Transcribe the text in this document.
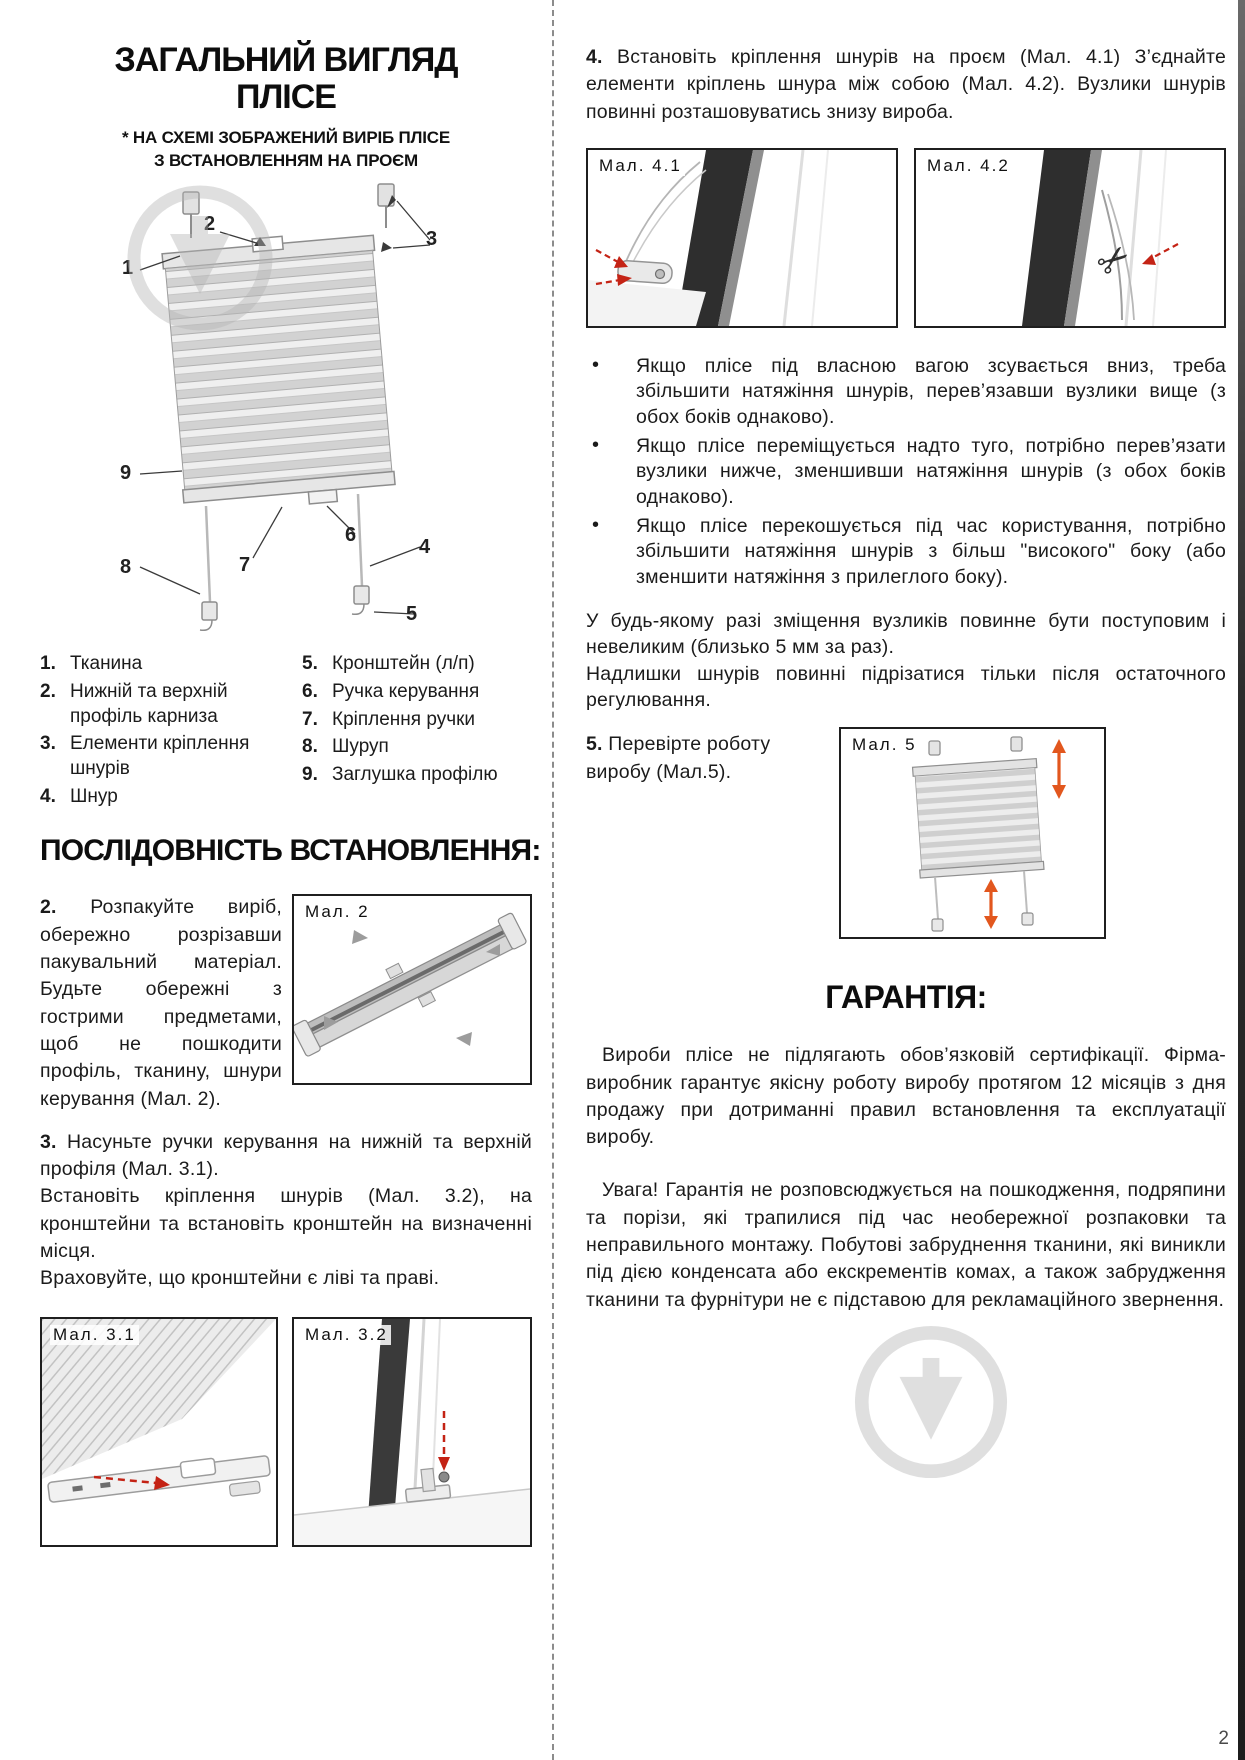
ЗАГАЛЬНИЙ ВИГЛЯД
ПЛІСЕ
* НА СХЕМІ ЗОБРАЖЕНИЙ ВИРІБ ПЛІСЕ
З ВСТАНОВЛЕННЯМ НА ПРОЄМ
1
2
3
9
8	7
6
4
5
1. Тканина
2. Нижній та верхній профіль карниза
3. Елементи кріплення шнурів
4. Шнур
5. Кронштейн (л/п)
6. Ручка керування
7. Кріплення ручки
8. Шуруп
9. Заглушка профілю
ПОСЛІДОВНІСТЬ ВСТАНОВЛЕННЯ:

2. Розпакуйте виріб, обережно розрізавши пакувальний матеріал. Будьте обережні з гострими предметами, щоб не пошкодити профіль, тканину, шнури керування (Мал. 2).

Мал. 2

3. Насуньте ручки керування на нижній та верхній профіля (Мал. 3.1).

Встановіть кріплення шнурів (Мал. 3.2), на кронштейни та встановіть кронштейн на визначенні місця.

Враховуйте, що кронштейни є ліві та праві.

Мал. 3.1	Мал. 3.2

4. Встановіть кріплення шнурів на проєм (Мал. 4.1) З’єднайте елементи кріплень шнура між собою (Мал. 4.2). Вузлики шнурів повинні розташовуватись знизу вироба.

Мал. 4.1	Мал. 4.2
✂
•	Якщо плісе під власною вагою зсувається вниз, треба збільшити натяжіння шнурів, перев’язавши вузлики вище (з обох боків однаково).

•	Якщо плісе переміщується надто туго, потрібно перев’язати вузлики нижче, зменшивши натяжіння шнурів (з обох боків однаково).

•	Якщо плісе перекошується під час користування, потрібно збільшити натяжіння шнурів з більш "високого" боку (або зменшити натяжіння з прилеглого боку).

У будь-якому разі зміщення вузликів повинне бути поступовим і невеликим (близько 5 мм за раз).

Надлишки шнурів повинні підрізатися тільки після остаточного регулювання.

5. Перевірте роботу виробу (Мал.5).

Мал. 5
ГАРАНТІЯ:

Вироби плісе не підлягають обов’язковій сертифікації. Фірма-виробник гарантує якісну роботу виробу протягом 12 місяців з дня продажу при дотриманні правил встановлення та експлуатації виробу.

Увага! Гарантія не розповсюджується на пошкодження, подряпини та порізи, які трапилися під час необережної розпаковки та неправильного монтажу. Побутові забруднення тканини, які виникли під дією конденсата або екскрементів комах, а також забрудження тканини та фурнітури не є підставою для рекламаційного звернення.

2
